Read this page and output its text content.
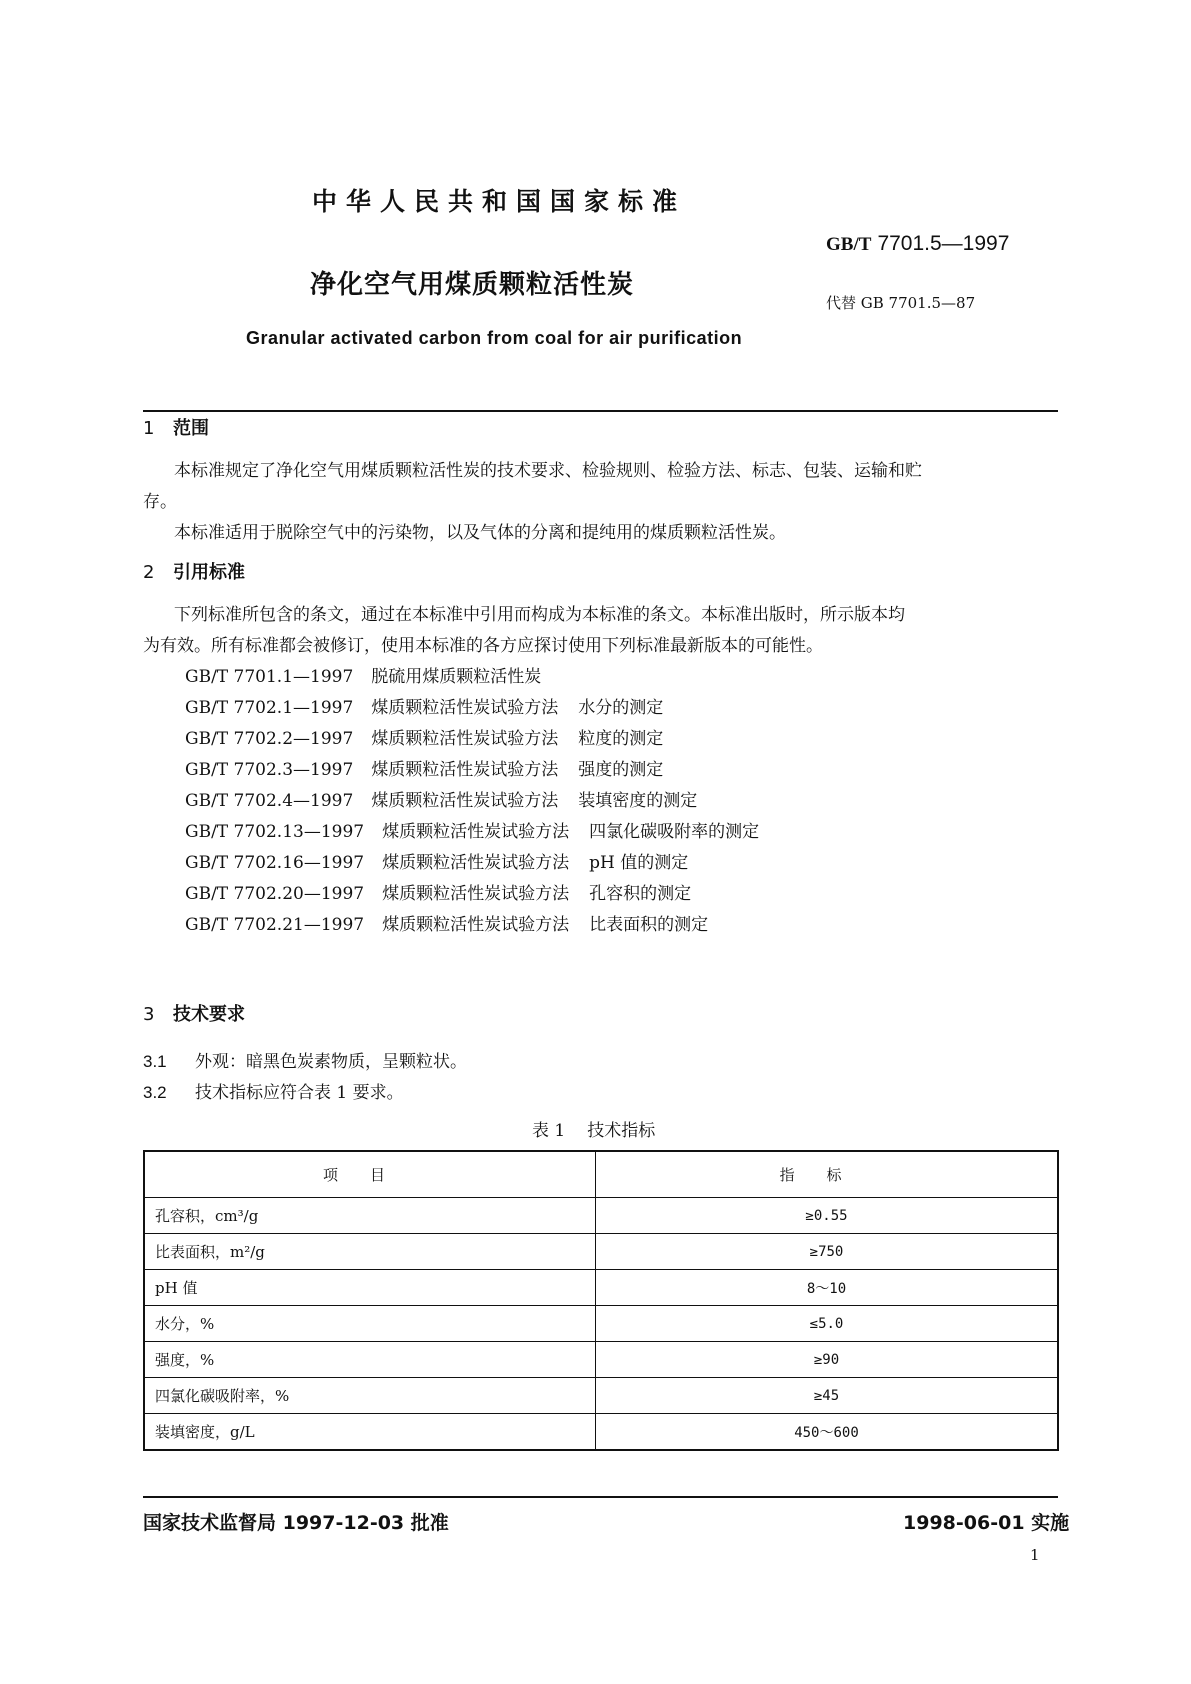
中华人民共和国国家标准
GB/T 7701.5—1997
净化空气用煤质颗粒活性炭
代替 GB 7701.5—87
Granular activated carbon from coal for air purification
1 范围
本标准规定了净化空气用煤质颗粒活性炭的技术要求、检验规则、检验方法、标志、包装、运输和贮
存。
本标准适用于脱除空气中的污染物，以及气体的分离和提纯用的煤质颗粒活性炭。
2 引用标准
下列标准所包含的条文，通过在本标准中引用而构成为本标准的条文。本标准出版时，所示版本均
为有效。所有标准都会被修订，使用本标准的各方应探讨使用下列标准最新版本的可能性。
GB/T 7701.1—1997 脱硫用煤质颗粒活性炭
GB/T 7702.1—1997 煤质颗粒活性炭试验方法 水分的测定
GB/T 7702.2—1997 煤质颗粒活性炭试验方法 粒度的测定
GB/T 7702.3—1997 煤质颗粒活性炭试验方法 强度的测定
GB/T 7702.4—1997 煤质颗粒活性炭试验方法 装填密度的测定
GB/T 7702.13—1997 煤质颗粒活性炭试验方法 四氯化碳吸附率的测定
GB/T 7702.16—1997 煤质颗粒活性炭试验方法 pH 值的测定
GB/T 7702.20—1997 煤质颗粒活性炭试验方法 孔容积的测定
GB/T 7702.21—1997 煤质颗粒活性炭试验方法 比表面积的测定
3 技术要求
3.1 外观：暗黑色炭素物质，呈颗粒状。
3.2 技术指标应符合表 1 要求。
表 1 技术指标
项目	指标
孔容积，cm³/g	≥0.55
比表面积，m²/g	≥750
pH 值	8～10
水分，%	≤5.0
强度，%	≥90
四氯化碳吸附率，%	≥45
装填密度，g/L	450～600
国家技术监督局 1997-12-03 批准	1998-06-01 实施
1
